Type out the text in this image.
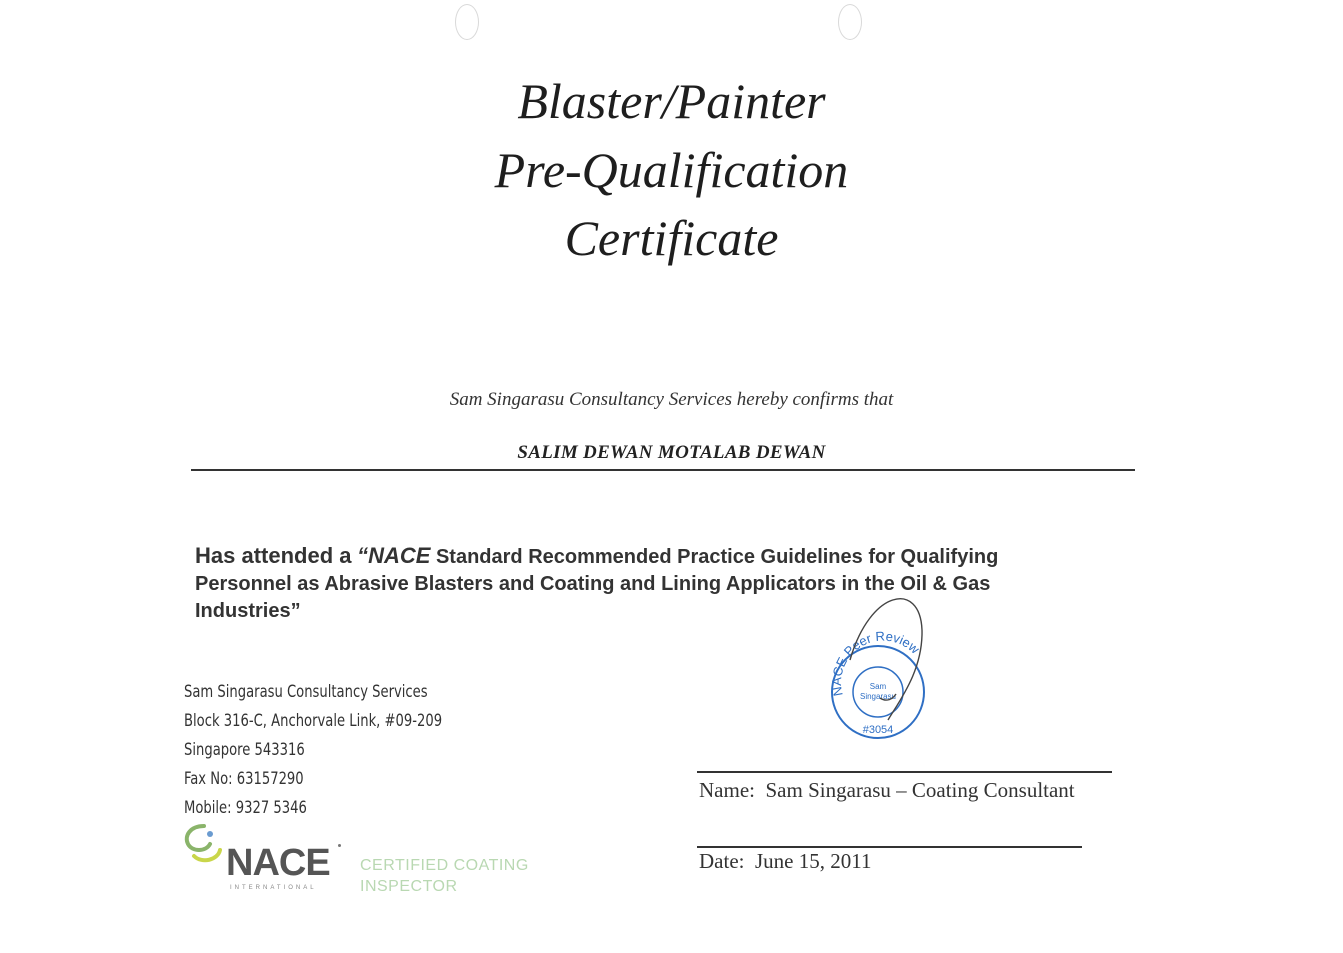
Blaster/Painter
Pre-Qualification
Certificate
Sam Singarasu Consultancy Services hereby confirms that
SALIM DEWAN MOTALAB DEWAN
Has attended a “NACE Standard Recommended Practice Guidelines for Qualifying
Personnel as Abrasive Blasters and Coating and Lining Applicators in the Oil & Gas
Industries”
Sam Singarasu Consultancy Services
Block 316-C, Anchorvale Link, #09-209
Singapore 543316
Fax No: 63157290
Mobile: 9327 5346
NACE
INTERNATIONAL
CERTIFIED COATING
INSPECTOR
NACE Peer Review
Sam
Singarasu
#3054
Name: Sam Singarasu – Coating Consultant
Date: June 15, 2011
